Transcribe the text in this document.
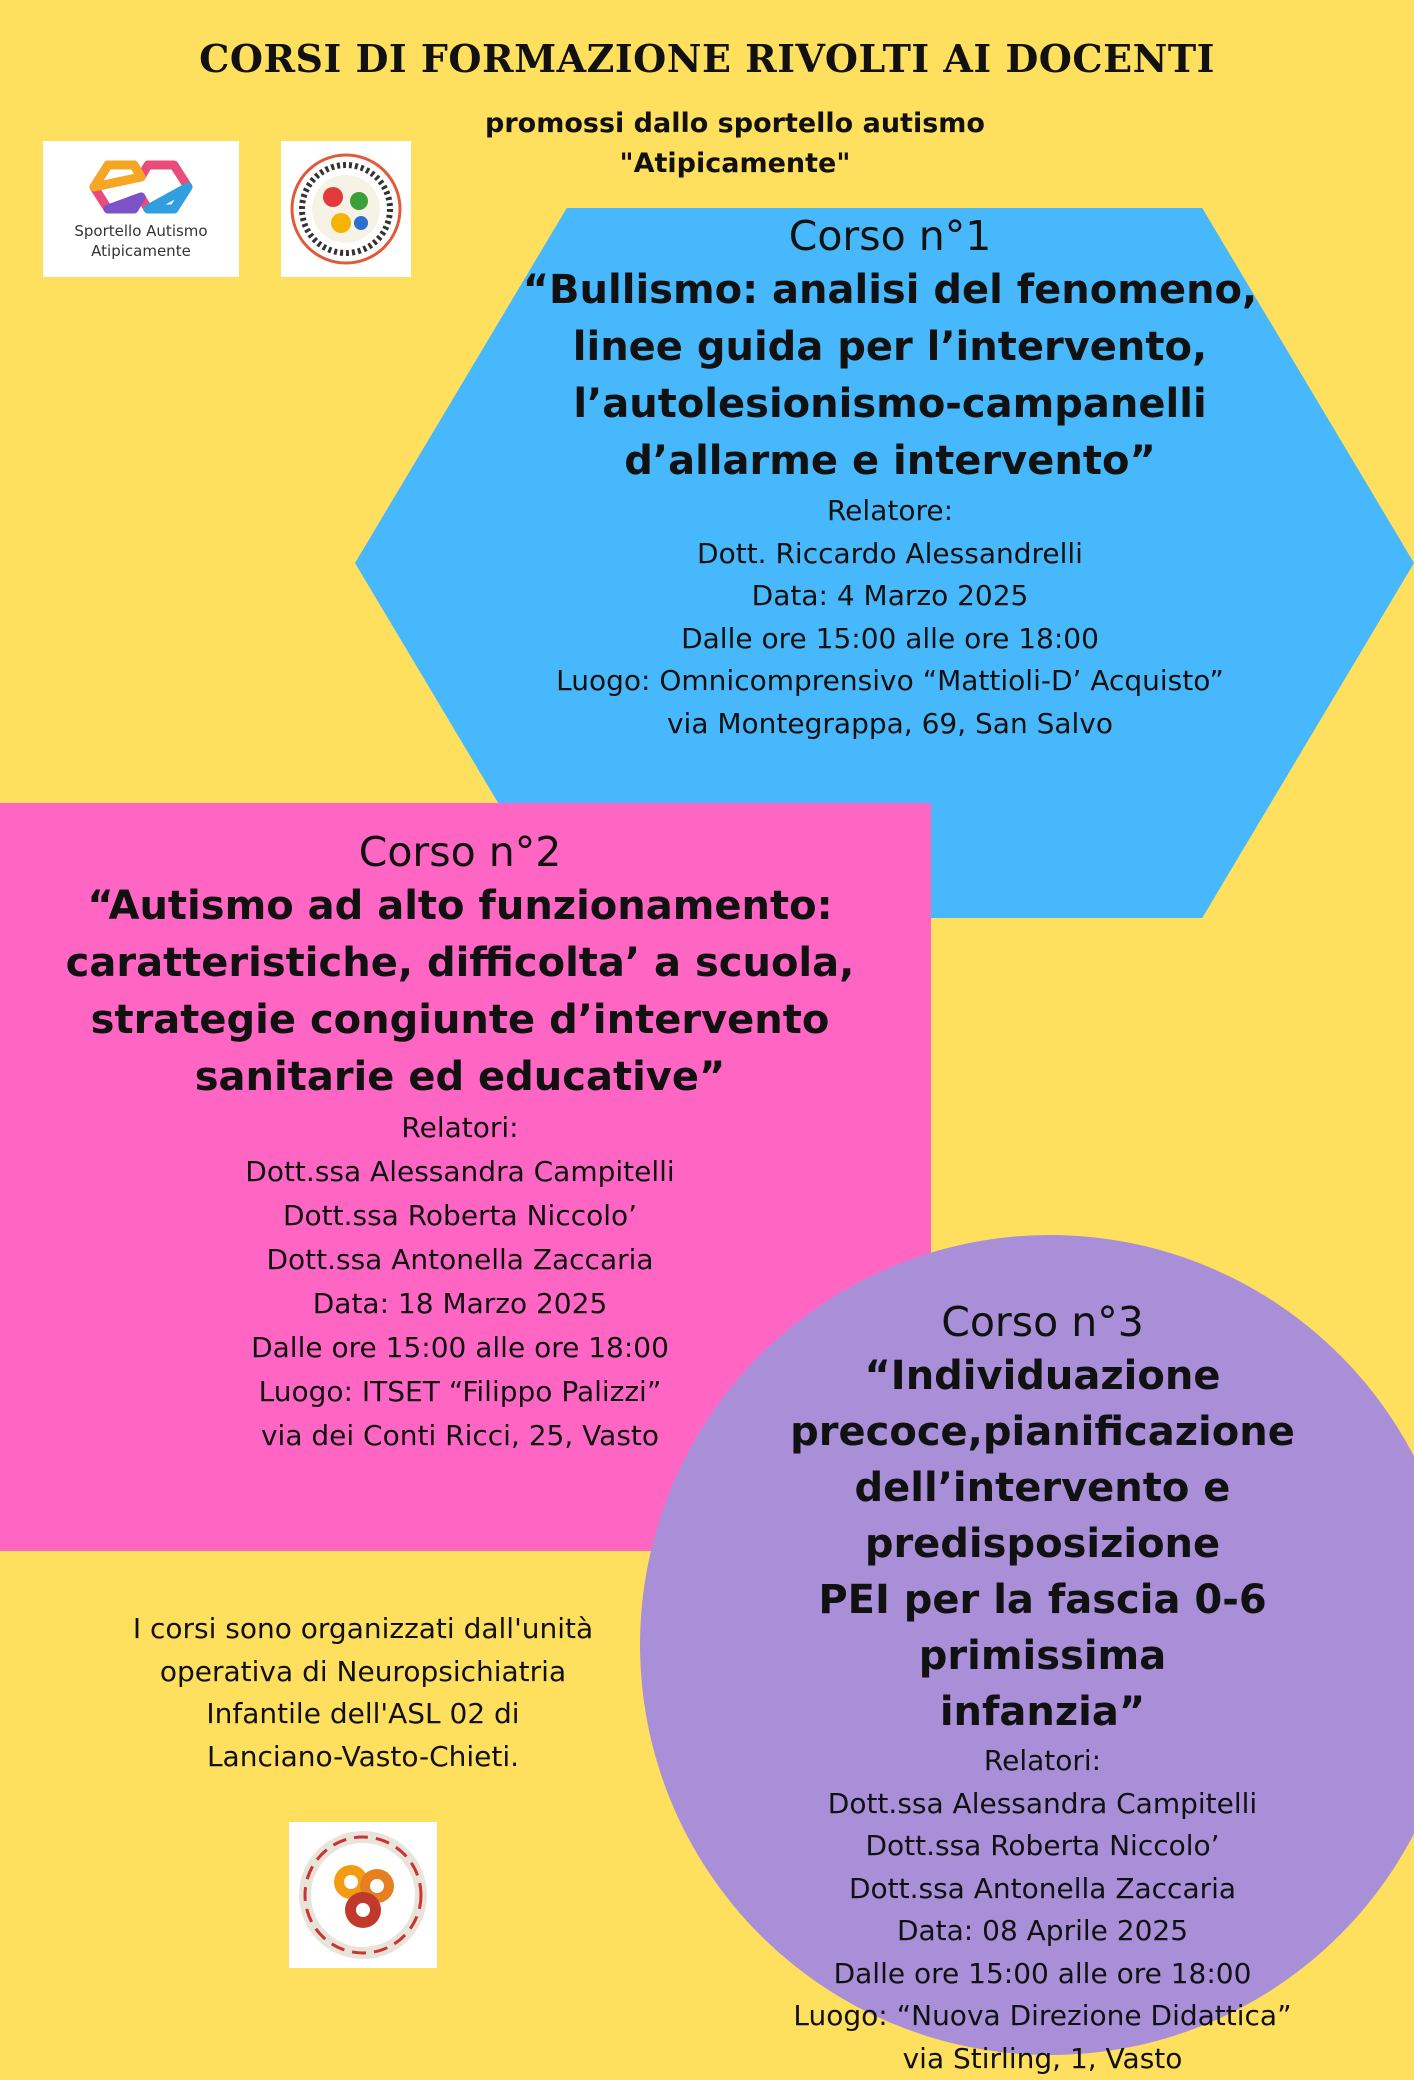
CORSI DI FORMAZIONE RIVOLTI AI DOCENTI
promossi dallo sportello autismo
"Atipicamente"
Sportello Autismo
Atipicamente	Corso n°1
“Bullismo: analisi del fenomeno,
linee guida per l’intervento,
l’autolesionismo-campanelli
d’allarme e intervento”
Relatore:
Dott. Riccardo Alessandrelli
Data: 4 Marzo 2025
Dalle ore 15:00 alle ore 18:00
Luogo: Omnicomprensivo “Mattioli-D’ Acquisto”
via Montegrappa, 69, San Salvo
Corso n°2
“Autismo ad alto funzionamento:
caratteristiche, difficolta’ a scuola,
strategie congiunte d’intervento
sanitarie ed educative”
Relatori:
Dott.ssa Alessandra Campitelli
Dott.ssa Roberta Niccolo’
Dott.ssa Antonella Zaccaria
Data: 18 Marzo 2025
Dalle ore 15:00 alle ore 18:00
Luogo: ITSET “Filippo Palizzi”
via dei Conti Ricci, 25, Vasto
Corso n°3
“Individuazione
precoce,pianificazione
dell’intervento e predisposizione
PEI per la fascia 0-6 primissima
infanzia”
Relatori:
Dott.ssa Alessandra Campitelli
Dott.ssa Roberta Niccolo’
Dott.ssa Antonella Zaccaria
Data: 08 Aprile 2025
Dalle ore 15:00 alle ore 18:00
Luogo: “Nuova Direzione Didattica”
via Stirling, 1, Vasto
I corsi sono organizzati dall'unità
operativa di Neuropsichiatria
Infantile dell'ASL 02 di
Lanciano-Vasto-Chieti.
